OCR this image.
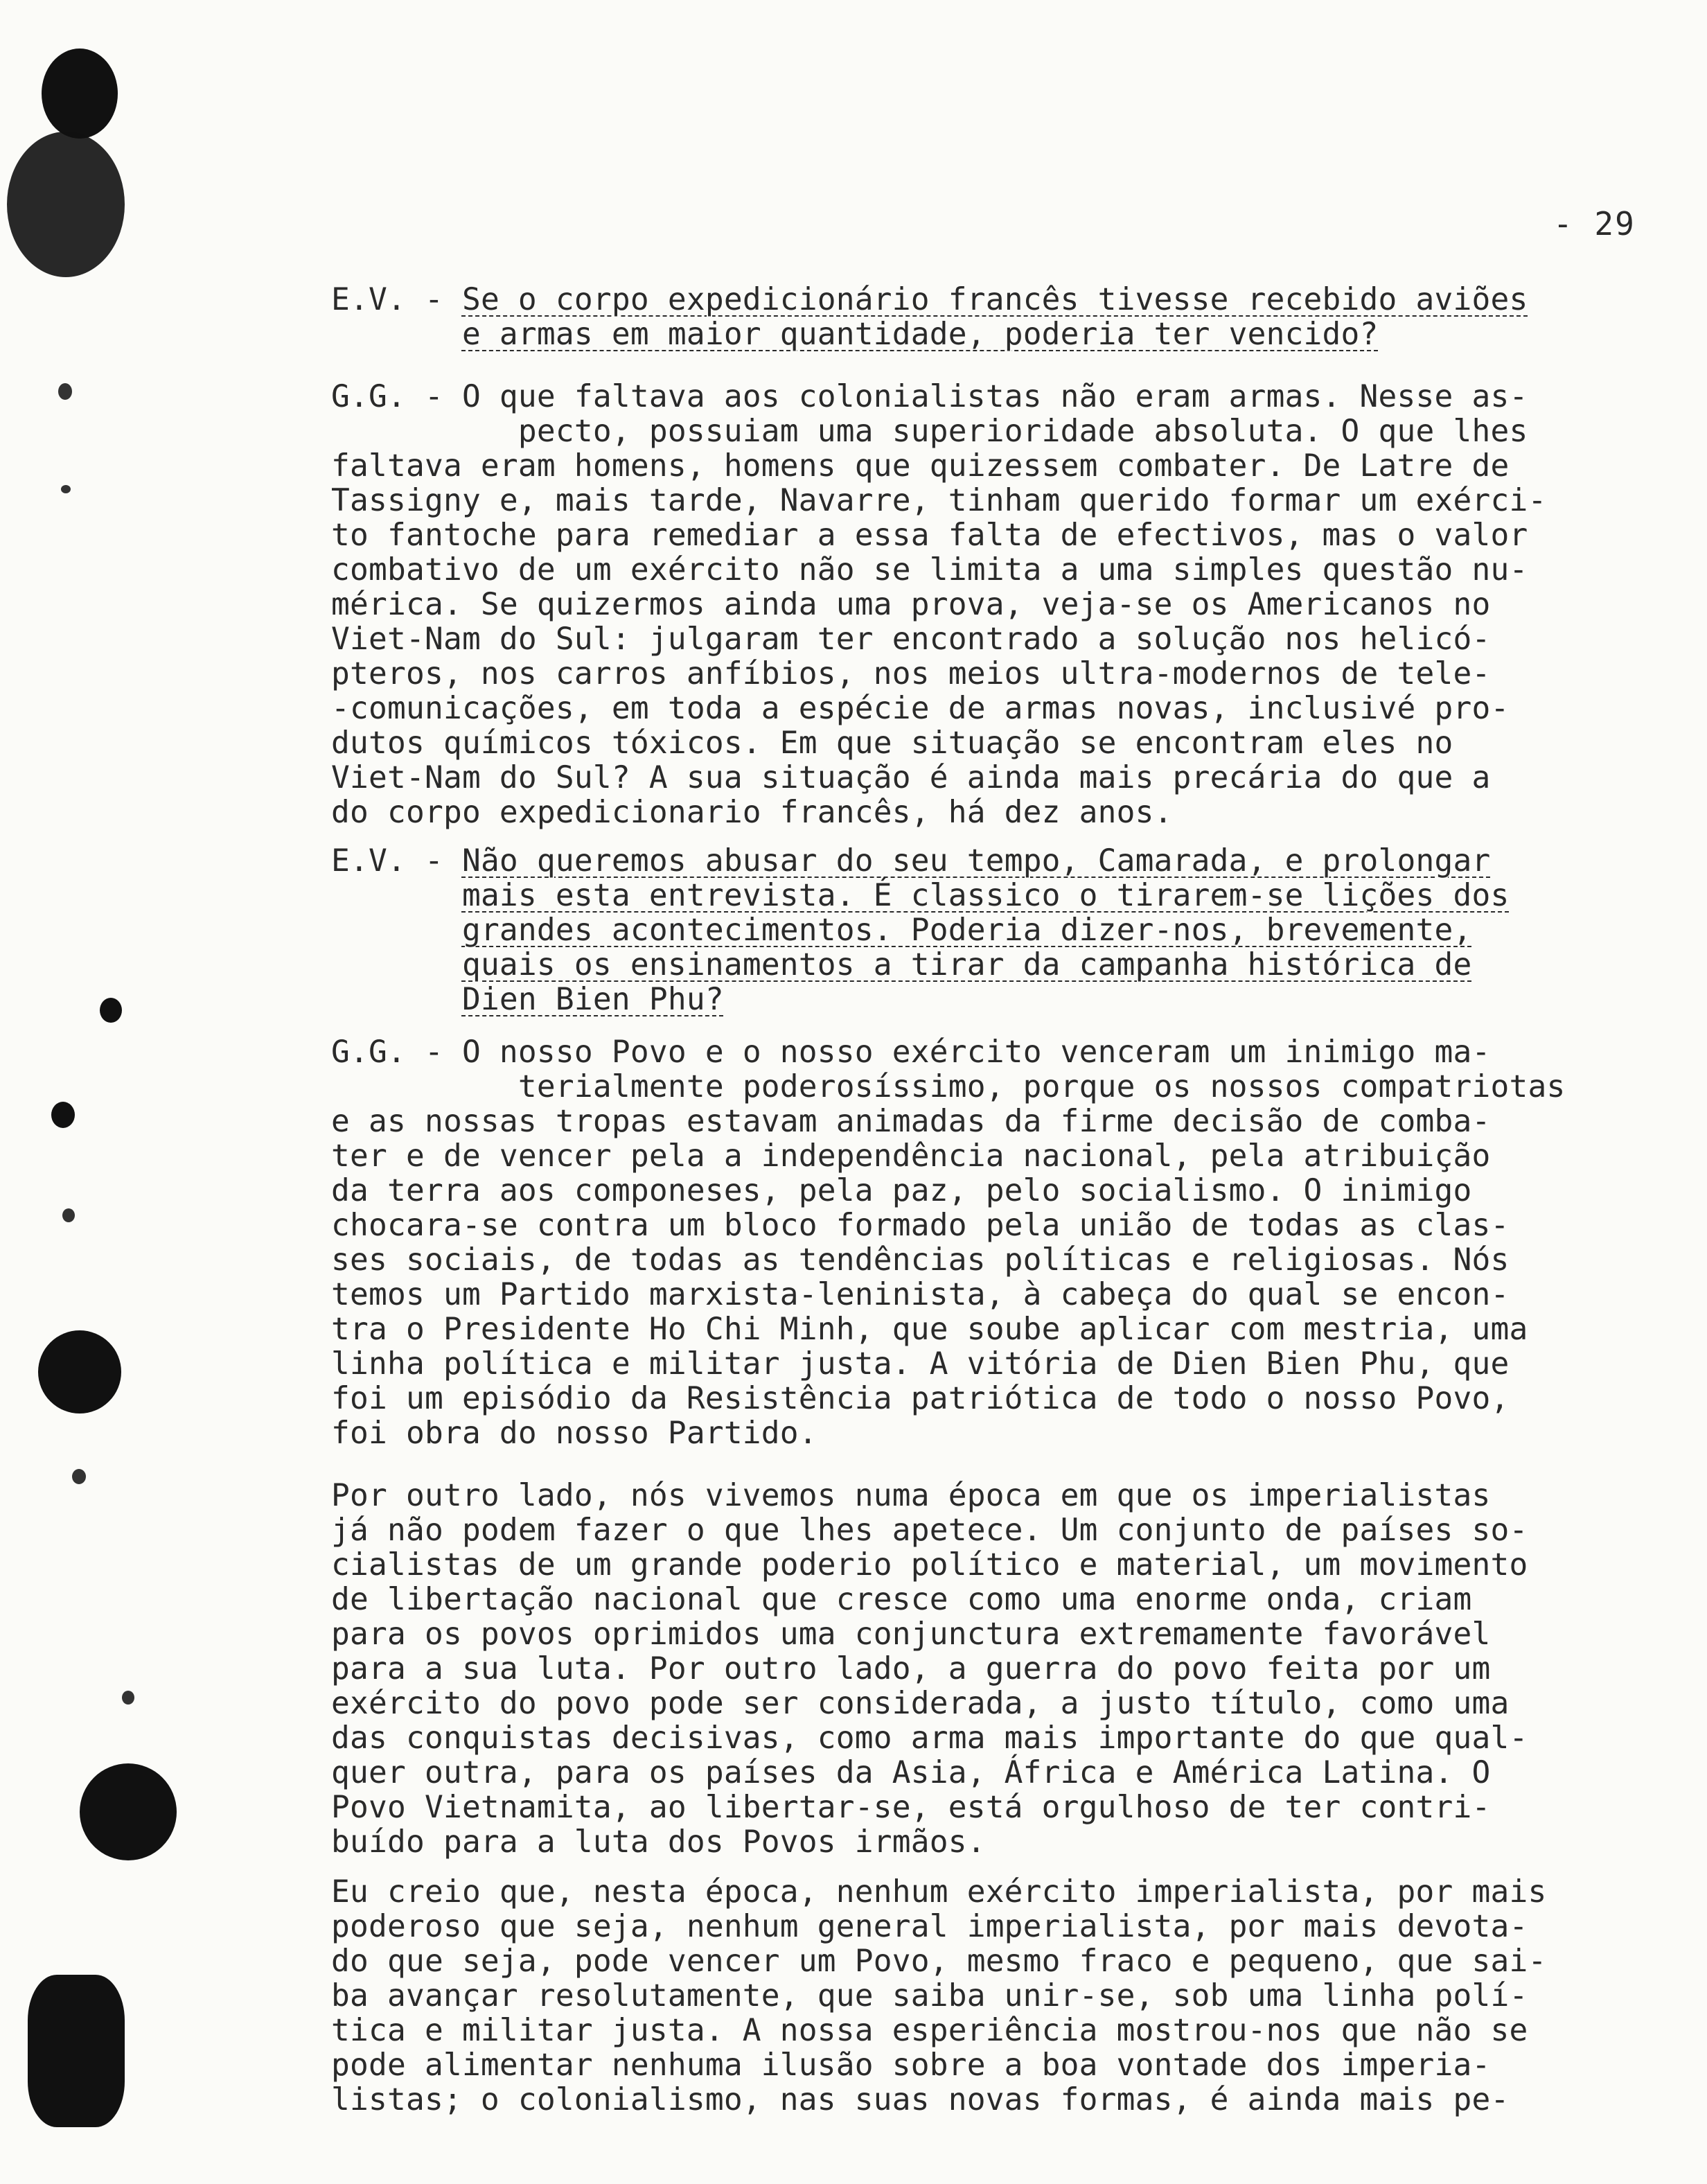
- 29
E.V. - Se o corpo expedicionário francês tivesse recebido aviões
e armas em maior quantidade, poderia ter vencido?
G.G. - O que faltava aos colonialistas não eram armas. Nesse as-
pecto, possuiam uma superioridade absoluta. O que lhes
faltava eram homens, homens que quizessem combater. De Latre de
Tassigny e, mais tarde, Navarre, tinham querido formar um exérci-
to fantoche para remediar a essa falta de efectivos, mas o valor
combativo de um exército não se limita a uma simples questão nu-
mérica. Se quizermos ainda uma prova, veja-se os Americanos no
Viet-Nam do Sul: julgaram ter encontrado a solução nos helicó-
pteros, nos carros anfíbios, nos meios ultra-modernos de tele-
-comunicações, em toda a espécie de armas novas, inclusivé pro-
dutos químicos tóxicos. Em que situação se encontram eles no
Viet-Nam do Sul? A sua situação é ainda mais precária do que a
do corpo expedicionario francês, há dez anos.
E.V. - Não queremos abusar do seu tempo, Camarada, e prolongar
mais esta entrevista. É classico o tirarem-se lições dos
grandes acontecimentos. Poderia dizer-nos, brevemente,
quais os ensinamentos a tirar da campanha histórica de
Dien Bien Phu?
G.G. - O nosso Povo e o nosso exército venceram um inimigo ma-
terialmente poderosíssimo, porque os nossos compatriotas
e as nossas tropas estavam animadas da firme decisão de comba-
ter e de vencer pela a independência nacional, pela atribuição
da terra aos componeses, pela paz, pelo socialismo. O inimigo
chocara-se contra um bloco formado pela união de todas as clas-
ses sociais, de todas as tendências políticas e religiosas. Nós
temos um Partido marxista-leninista, à cabeça do qual se encon-
tra o Presidente Ho Chi Minh, que soube aplicar com mestria, uma
linha política e militar justa. A vitória de Dien Bien Phu, que
foi um episódio da Resistência patriótica de todo o nosso Povo,
foi obra do nosso Partido.
Por outro lado, nós vivemos numa época em que os imperialistas
já não podem fazer o que lhes apetece. Um conjunto de países so-
cialistas de um grande poderio político e material, um movimento
de libertação nacional que cresce como uma enorme onda, criam
para os povos oprimidos uma conjunctura extremamente favorável
para a sua luta. Por outro lado, a guerra do povo feita por um
exército do povo pode ser considerada, a justo título, como uma
das conquistas decisivas, como arma mais importante do que qual-
quer outra, para os países da Asia, África e América Latina. O
Povo Vietnamita, ao libertar-se, está orgulhoso de ter contri-
buído para a luta dos Povos irmãos.
Eu creio que, nesta época, nenhum exército imperialista, por mais
poderoso que seja, nenhum general imperialista, por mais devota-
do que seja, pode vencer um Povo, mesmo fraco e pequeno, que sai-
ba avançar resolutamente, que saiba unir-se, sob uma linha polí-
tica e militar justa. A nossa esperiência mostrou-nos que não se
pode alimentar nenhuma ilusão sobre a boa vontade dos imperia-
listas; o colonialismo, nas suas novas formas, é ainda mais pe-
